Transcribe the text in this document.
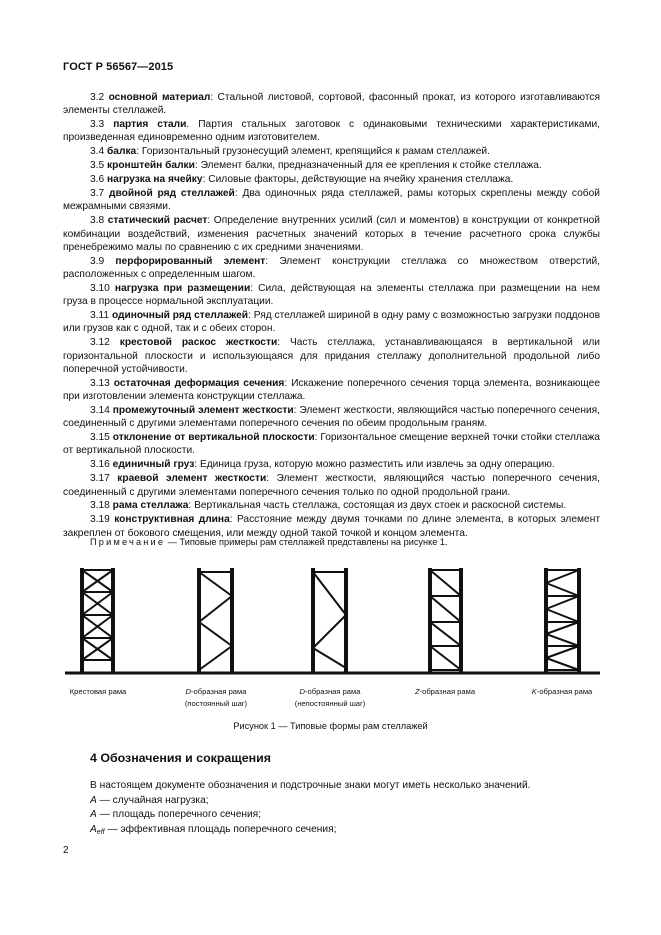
ГОСТ Р 56567—2015

3.2 основной материал: Стальной листовой, сортовой, фасонный прокат, из которого изготавливаются элементы стеллажей.

3.3 партия стали. Партия стальных заготовок с одинаковыми техническими характеристиками, произведенная единовременно одним изготовителем.

3.4 балка: Горизонтальный грузонесущий элемент, крепящийся к рамам стеллажей.

3.5 кронштейн балки: Элемент балки, предназначенный для ее крепления к стойке стеллажа.

3.6 нагрузка на ячейку: Силовые факторы, действующие на ячейку хранения стеллажа.

3.7 двойной ряд стеллажей: Два одиночных ряда стеллажей, рамы которых скреплены между собой межрамными связями.

3.8 статический расчет: Определение внутренних усилий (сил и моментов) в конструкции от конкретной комбинации воздействий, изменения расчетных значений которых в течение расчетного срока службы пренебрежимо малы по сравнению с их средними значениями.

3.9 перфорированный элемент: Элемент конструкции стеллажа со множеством отверстий, расположенных с определенным шагом.

3.10 нагрузка при размещении: Сила, действующая на элементы стеллажа при размещении на нем груза в процессе нормальной эксплуатации.

3.11 одиночный ряд стеллажей: Ряд стеллажей шириной в одну раму с возможностью загрузки поддонов или грузов как с одной, так и с обеих сторон.

3.12 крестовой раскос жесткости: Часть стеллажа, устанавливающаяся в вертикальной или горизонтальной плоскости и использующаяся для придания стеллажу дополнительной продольной либо поперечной устойчивости.

3.13 остаточная деформация сечения: Искажение поперечного сечения торца элемента, возникающее при изготовлении элемента конструкции стеллажа.

3.14 промежуточный элемент жесткости: Элемент жесткости, являющийся частью поперечного сечения, соединенный с другими элементами поперечного сечения по обеим продольным граням.

3.15 отклонение от вертикальной плоскости: Горизонтальное смещение верхней точки стойки стеллажа от вертикальной плоскости.

3.16 единичный груз: Единица груза, которую можно разместить или извлечь за одну операцию.

3.17 краевой элемент жесткости: Элемент жесткости, являющийся частью поперечного сечения, соединенный с другими элементами поперечного сечения только по одной продольной грани.

3.18 рама стеллажа: Вертикальная часть стеллажа, состоящая из двух стоек и раскосной системы.

3.19 конструктивная длина: Расстояние между двумя точками по длине элемента, в которых элемент закреплен от бокового смещения, или между одной такой точкой и концом элемента.

Примечание — Типовые примеры рам стеллажей представлены на рисунке 1.
Крестовая рама	D-образная рама
(постоянный шаг)
D-образная рама
(непостоянный шаг)
Z-образная рама	K-образная рама
Рисунок 1 — Типовые формы рам стеллажей
4 Обозначения и сокращения

В настоящем документе обозначения и подстрочные знаки могут иметь несколько значений.

A — случайная нагрузка;

A — площадь поперечного сечения;

$A_{eff}$ — эффективная площадь поперечного сечения;

2
